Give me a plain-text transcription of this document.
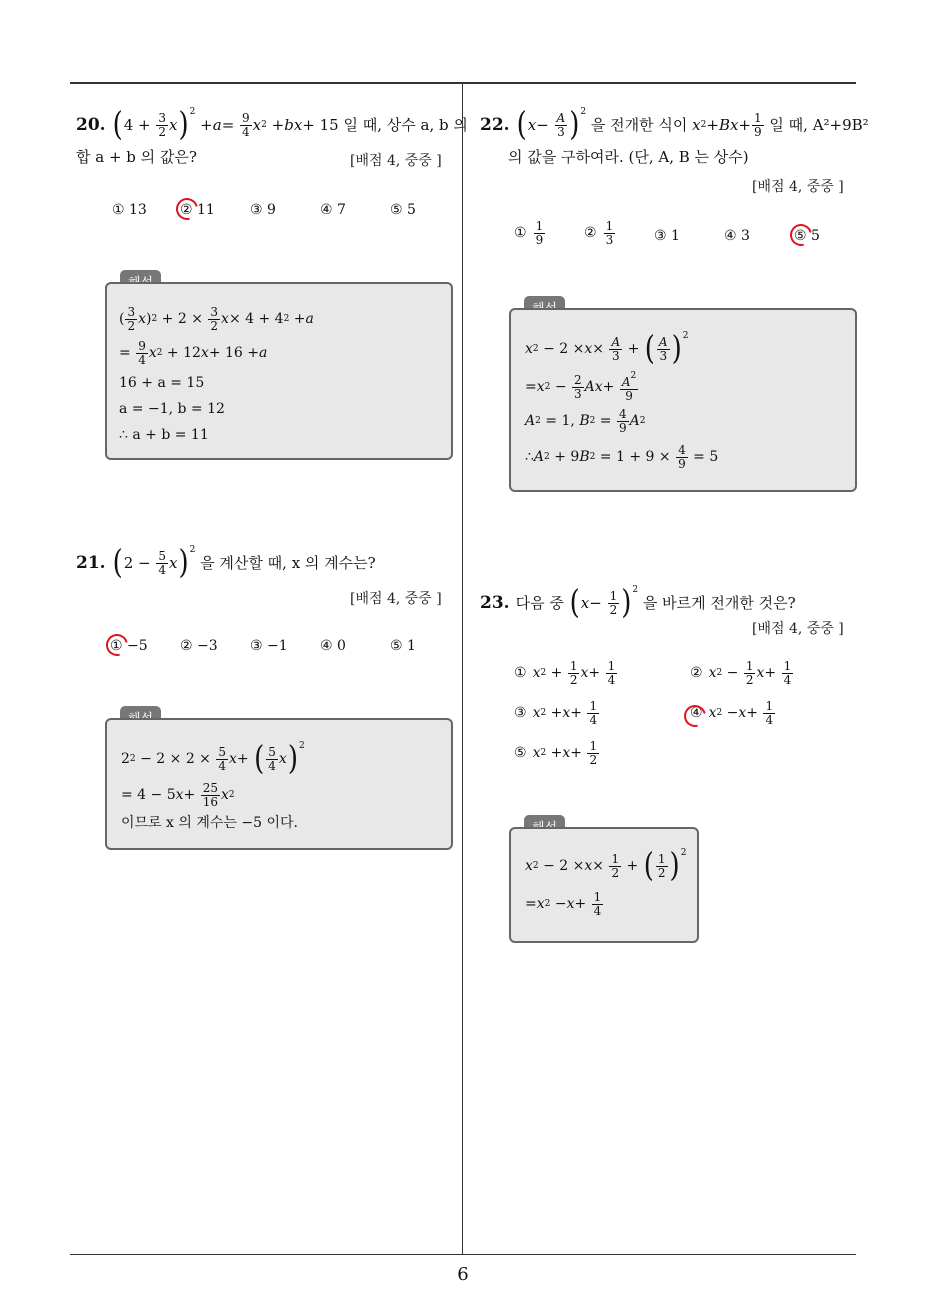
6
20. ( $4 + \frac{3}{2}$ x ) 2
+ $a = \frac{9}{4}$ x 2 + bx + 15 일 때, 상수 a, b 의
합 a + b 의 값은?	[배점 4, 중중 ]
① 13 ② 11	③ 9	④ 7	⑤ 5
( $\frac{3}{2}$ x ) $2 + 2 \times \frac{3}{2}$ x × 4 + 4 2 + a
= $\frac{9}{4}$ x 2 + 12 x + 16 + a
16 + a = 15
a = −1, b = 12
∴ a + b = 11
21. ( $2 - \frac{5}{4}$ x ) 2

을 계산할 때, x 의 계수는?
[배점 4, 중중 ]
① −5 ② −3 ③ −1 ④ 0	⑤ 1
2 $2 - 2 \times 2 \times \frac{5}{4}$ x + ( $\frac{5}{4}$ x ) 2
= 4 − 5 $x + \frac{25}{16}$ x 2
이므로 x 의 계수는 −5 이다.
22. ( $x - \frac{A}{3}$ ) 2

을 전개한 식이
x $2 + Bx + \frac{1}{9}$
일 때, A²+9B²
의 값을 구하여라. (단, A, B 는 상수)
[배점 4, 중중 ]
① $\frac{1}{9}$	② $\frac{1}{3}$	③ 1	④ 3	⑤ 5
x $2 - 2 \times x \times \frac{A}{3}$ + ( $\frac{A}{3}$ ) 2
= x $2 - \frac{2}{3}$ $Ax + \frac{A^2}{9}$
A 2 = 1, B $2 = \frac{4}{9}$ A 2
∴ A 2 + 9 B $2 = 1 + 9 \times \frac{4}{9} = 5$
23. 다음 중
( $x - \frac{1}{2}$ ) 2

을 바르게 전개한 것은?
[배점 4, 중중 ]
① x $2 + \frac{1}{2}$ $x + \frac{1}{4}$	② x $2 - \frac{1}{2}$ $x + \frac{1}{4}$
③ x $2 + x + \frac{1}{4}$	④ x $2 - x + \frac{1}{4}$
⑤ x $2 + x + \frac{1}{2}$
x $2 - 2 \times x \times \frac{1}{2}$ + ( $\frac{1}{2}$ ) 2
= x $2 - x + \frac{1}{4}$
